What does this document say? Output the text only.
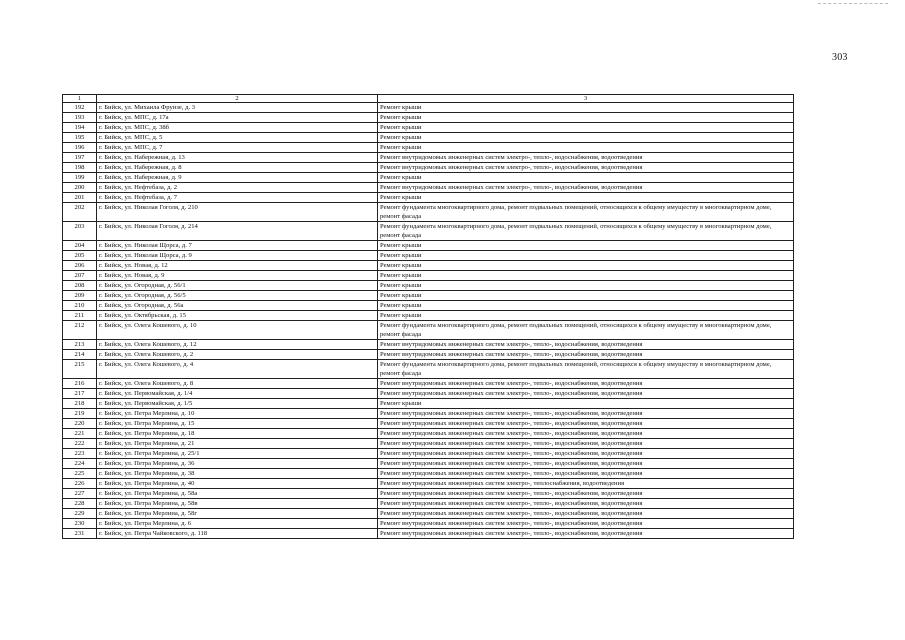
303
1	2	3
192	г. Бийск, ул. Михаила Фрунзе, д. 3	Ремонт крыши
193	г. Бийск, ул. МПС, д. 17а	Ремонт крыши
194	г. Бийск, ул. МПС, д. 38б	Ремонт крыши
195	г. Бийск, ул. МПС, д. 5	Ремонт крыши
196	г. Бийск, ул. МПС, д. 7	Ремонт крыши
197	г. Бийск, ул. Набережная, д. 13	Ремонт внутридомовых инженерных систем электро-, тепло-, водоснабжения, водоотведения
198	г. Бийск, ул. Набережная, д. 8	Ремонт внутридомовых инженерных систем электро-, тепло-, водоснабжения, водоотведения
199	г. Бийск, ул. Набережная, д. 9	Ремонт крыши
200	г. Бийск, ул. Нефтебаза, д. 2	Ремонт внутридомовых инженерных систем электро-, тепло-, водоснабжения, водоотведения
201	г. Бийск, ул. Нефтебаза, д. 7	Ремонт крыши
202	г. Бийск, ул. Николая Гоголя, д. 210	Ремонт фундамента многоквартирного дома, ремонт подвальных помещений, относящихся к общему имуществу в многоквартирном доме, ремонт фасада
203	г. Бийск, ул. Николая Гоголя, д. 214	Ремонт фундамента многоквартирного дома, ремонт подвальных помещений, относящихся к общему имуществу в многоквартирном доме, ремонт фасада
204	г. Бийск, ул. Николая Щорса, д. 7	Ремонт крыши
205	г. Бийск, ул. Николая Щорса, д. 9	Ремонт крыши
206	г. Бийск, ул. Новая, д. 12	Ремонт крыши
207	г. Бийск, ул. Новая, д. 9	Ремонт крыши
208	г. Бийск, ул. Огородная, д. 56/1	Ремонт крыши
209	г. Бийск, ул. Огородная, д. 56/5	Ремонт крыши
210	г. Бийск, ул. Огородная, д. 56а	Ремонт крыши
211	г. Бийск, ул. Октябрьская, д. 15	Ремонт крыши
212	г. Бийск, ул. Олега Кошевого, д. 10	Ремонт фундамента многоквартирного дома, ремонт подвальных помещений, относящихся к общему имуществу в многоквартирном доме, ремонт фасада
213	г. Бийск, ул. Олега Кошевого, д. 12	Ремонт внутридомовых инженерных систем электро-, тепло-, водоснабжения, водоотведения
214	г. Бийск, ул. Олега Кошевого, д. 2	Ремонт внутридомовых инженерных систем электро-, тепло-, водоснабжения, водоотведения
215	г. Бийск, ул. Олега Кошевого, д. 4	Ремонт фундамента многоквартирного дома, ремонт подвальных помещений, относящихся к общему имуществу в многоквартирном доме, ремонт фасада
216	г. Бийск, ул. Олега Кошевого, д. 8	Ремонт внутридомовых инженерных систем электро-, тепло-, водоснабжения, водоотведения
217	г. Бийск, ул. Первомайская, д. 1/4	Ремонт внутридомовых инженерных систем электро-, тепло-, водоснабжения, водоотведения
218	г. Бийск, ул. Первомайская, д. 1/5	Ремонт крыши
219	г. Бийск, ул. Петра Мерлина, д. 10	Ремонт внутридомовых инженерных систем электро-, тепло-, водоснабжения, водоотведения
220	г. Бийск, ул. Петра Мерлина, д. 15	Ремонт внутридомовых инженерных систем электро-, тепло-, водоснабжения, водоотведения
221	г. Бийск, ул. Петра Мерлина, д. 18	Ремонт внутридомовых инженерных систем электро-, тепло-, водоснабжения, водоотведения
222	г. Бийск, ул. Петра Мерлина, д. 21	Ремонт внутридомовых инженерных систем электро-, тепло-, водоснабжения, водоотведения
223	г. Бийск, ул. Петра Мерлина, д. 25/1	Ремонт внутридомовых инженерных систем электро-, тепло-, водоснабжения, водоотведения
224	г. Бийск, ул. Петра Мерлина, д. 36	Ремонт внутридомовых инженерных систем электро-, тепло-, водоснабжения, водоотведения
225	г. Бийск, ул. Петра Мерлина, д. 38	Ремонт внутридомовых инженерных систем электро-, тепло-, водоснабжения, водоотведения
226	г. Бийск, ул. Петра Мерлина, д. 40	Ремонт внутридомовых инженерных систем электро-, теплоснабжения, водоотведения
227	г. Бийск, ул. Петра Мерлина, д. 58а	Ремонт внутридомовых инженерных систем электро-, тепло-, водоснабжения, водоотведения
228	г. Бийск, ул. Петра Мерлина, д. 58в	Ремонт внутридомовых инженерных систем электро-, тепло-, водоснабжения, водоотведения
229	г. Бийск, ул. Петра Мерлина, д. 58г	Ремонт внутридомовых инженерных систем электро-, тепло-, водоснабжения, водоотведения
230	г. Бийск, ул. Петра Мерлина, д. 6	Ремонт внутридомовых инженерных систем электро-, тепло-, водоснабжения, водоотведения
231	г. Бийск, ул. Петра Чайковского, д. 118	Ремонт внутридомовых инженерных систем электро-, тепло-, водоснабжения, водоотведения
